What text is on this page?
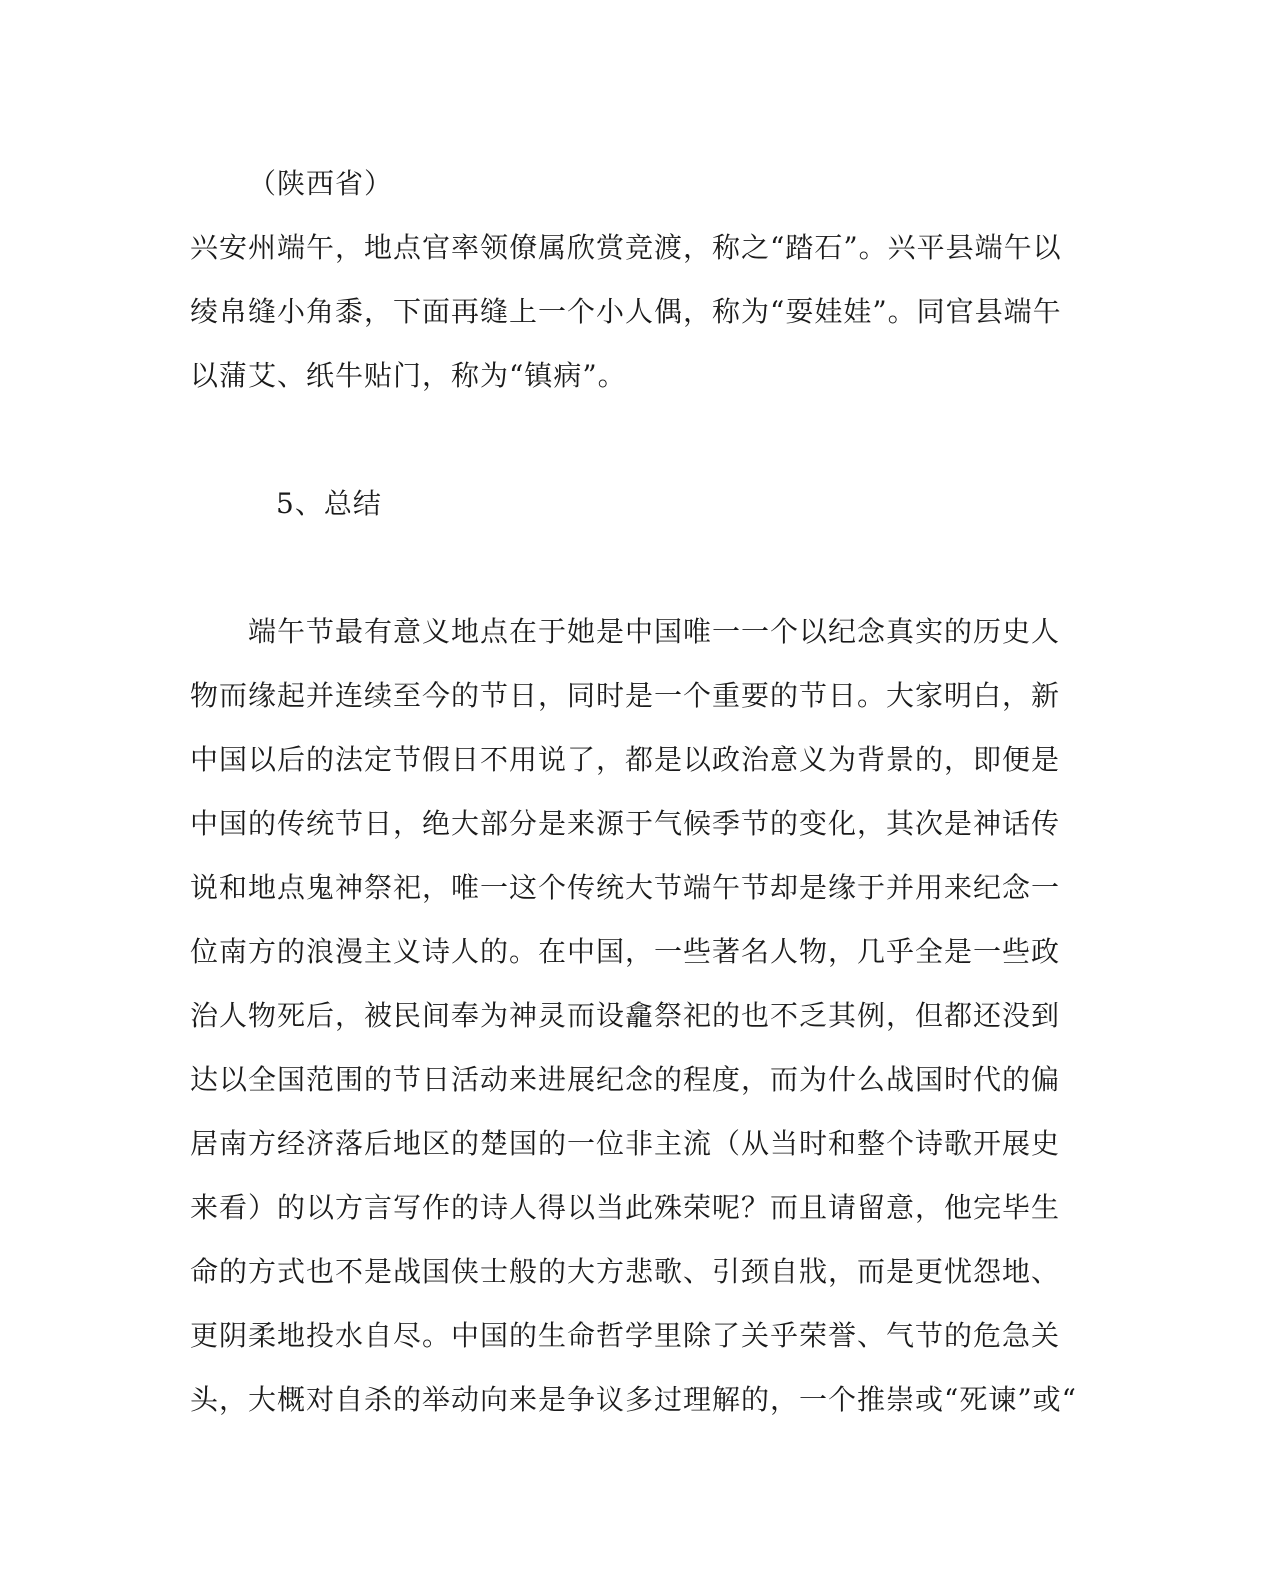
（陕西省）
兴安州端午，地点官率领僚属欣赏竞渡，称之“踏石”。兴平县端午以
绫帛缝小角黍，下面再缝上一个小人偶，称为“耍娃娃”。同官县端午
以蒲艾、纸牛贴门，称为“镇病”。
5、总结
端午节最有意义地点在于她是中国唯一一个以纪念真实的历史人
物而缘起并连续至今的节日，同时是一个重要的节日。大家明白，新
中国以后的法定节假日不用说了，都是以政治意义为背景的，即便是
中国的传统节日，绝大部分是来源于气候季节的变化，其次是神话传
说和地点鬼神祭祀，唯一这个传统大节端午节却是缘于并用来纪念一
位南方的浪漫主义诗人的。在中国，一些著名人物，几乎全是一些政
治人物死后，被民间奉为神灵而设龕祭祀的也不乏其例，但都还没到
达以全国范围的节日活动来进展纪念的程度，而为什么战国时代的偏
居南方经济落后地区的楚国的一位非主流（从当时和整个诗歌开展史
来看）的以方言写作的诗人得以当此殊荣呢？而且请留意，他完毕生
命的方式也不是战国侠士般的大方悲歌、引颈自戕，而是更忧怨地、
更阴柔地投水自尽。中国的生命哲学里除了关乎荣誉、气节的危急关
头，大概对自杀的举动向来是争议多过理解的，一个推崇或“死谏”或“
